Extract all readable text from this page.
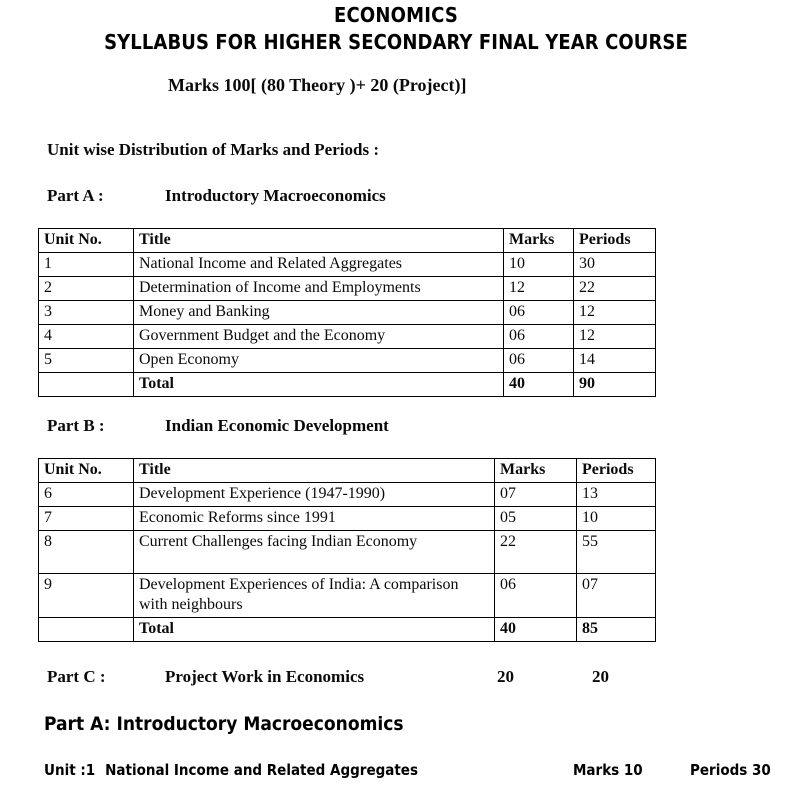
ECONOMICS
SYLLABUS FOR HIGHER SECONDARY FINAL YEAR COURSE
Marks 100[ (80 Theory )+ 20 (Project)]
Unit wise Distribution of Marks and Periods :
Part A :	Introductory Macroeconomics
Unit No.	Title	Marks	Periods
1	National Income and Related Aggregates	10	30
2	Determination of Income and Employments	12	22
3	Money and Banking	06	12
4	Government Budget and the Economy	06	12
5	Open Economy	06	14
	Total	40	90
Part B :	Indian Economic Development
Unit No.	Title	Marks	Periods
6	Development Experience (1947-1990)	07	13
7	Economic Reforms since 1991	05	10
8	Current Challenges facing Indian Economy	22	55
9	Development Experiences of India: A comparison with neighbours	06	07
	Total	40	85
Part C :	Project Work in Economics	20	20
Part A: Introductory Macroeconomics
Unit :1 National Income and Related Aggregates	Marks 10	Periods 30
